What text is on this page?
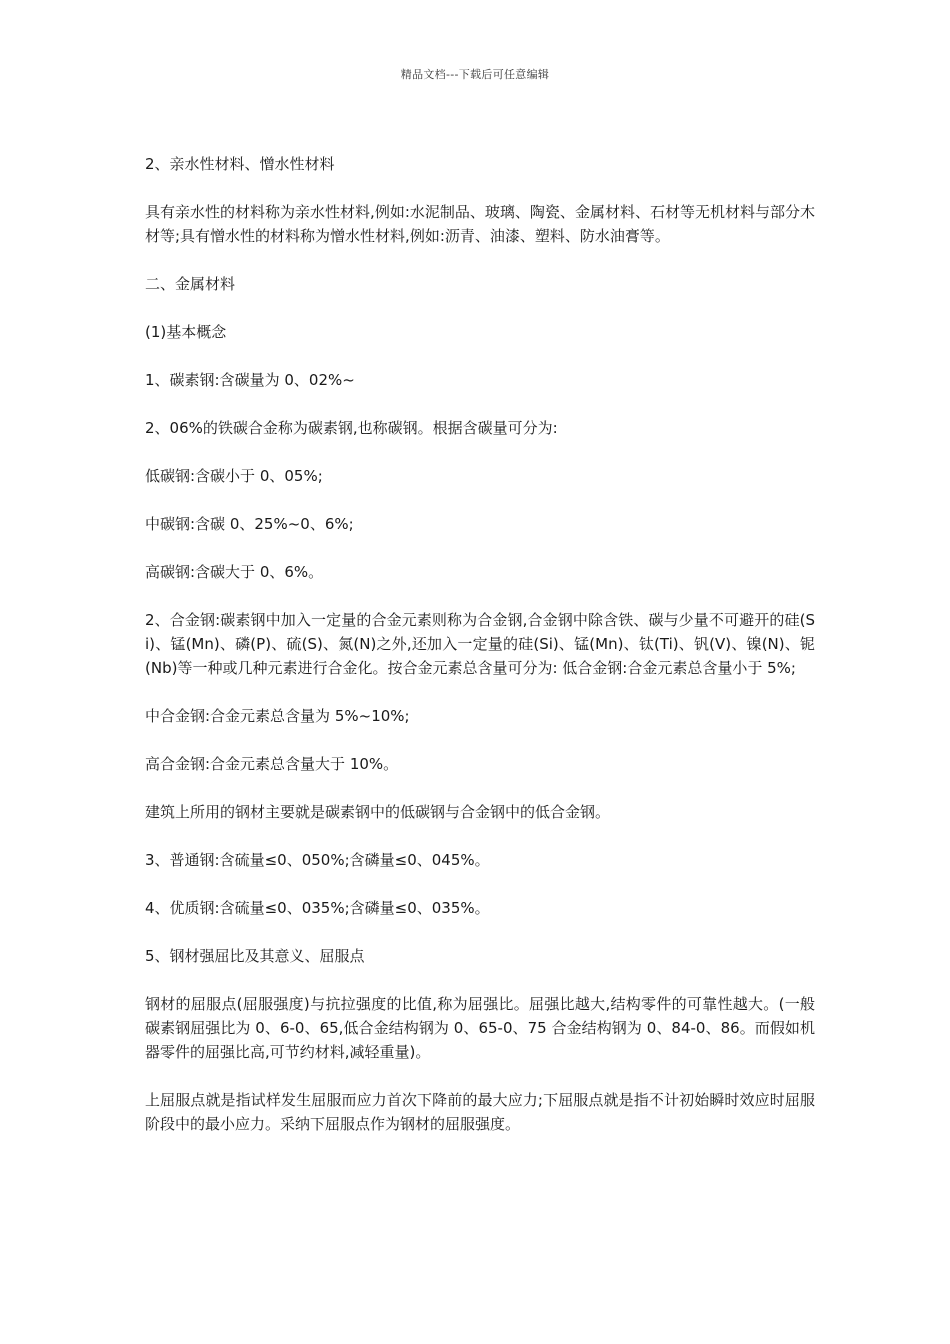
精品文档---下载后可任意编辑

2、亲水性材料、憎水性材料

具有亲水性的材料称为亲水性材料,例如:水泥制品、玻璃、陶瓷、金属材料、石材等无机材料与部分木材等;具有憎水性的材料称为憎水性材料,例如:沥青、油漆、塑料、防水油膏等。

二、金属材料

(1)基本概念

1、碳素钢:含碳量为 0、02%~

2、06%的铁碳合金称为碳素钢,也称碳钢。根据含碳量可分为:

低碳钢:含碳小于 0、05%;

中碳钢:含碳 0、25%~0、6%;

高碳钢:含碳大于 0、6%。

2、合金钢:碳素钢中加入一定量的合金元素则称为合金钢,合金钢中除含铁、碳与少量不可避开的硅(Si)、锰(Mn)、磷(P)、硫(S)、氮(N)之外,还加入一定量的硅(Si)、锰(Mn)、钛(Ti)、钒(V)、镍(N)、铌(Nb)等一种或几种元素进行合金化。按合金元素总含量可分为: 低合金钢:合金元素总含量小于 5%;

中合金钢:合金元素总含量为 5%~10%;

高合金钢:合金元素总含量大于 10%。

建筑上所用的钢材主要就是碳素钢中的低碳钢与合金钢中的低合金钢。

3、普通钢:含硫量≤0、050%;含磷量≤0、045%。

4、优质钢:含硫量≤0、035%;含磷量≤0、035%。

5、钢材强屈比及其意义、屈服点

钢材的屈服点(屈服强度)与抗拉强度的比值,称为屈强比。屈强比越大,结构零件的可靠性越大。(一般碳素钢屈强比为 0、6-0、65,低合金结构钢为 0、65-0、75 合金结构钢为 0、84-0、86。而假如机器零件的屈强比高,可节约材料,减轻重量)。

上屈服点就是指试样发生屈服而应力首次下降前的最大应力;下屈服点就是指不计初始瞬时效应时屈服阶段中的最小应力。采纳下屈服点作为钢材的屈服强度。
